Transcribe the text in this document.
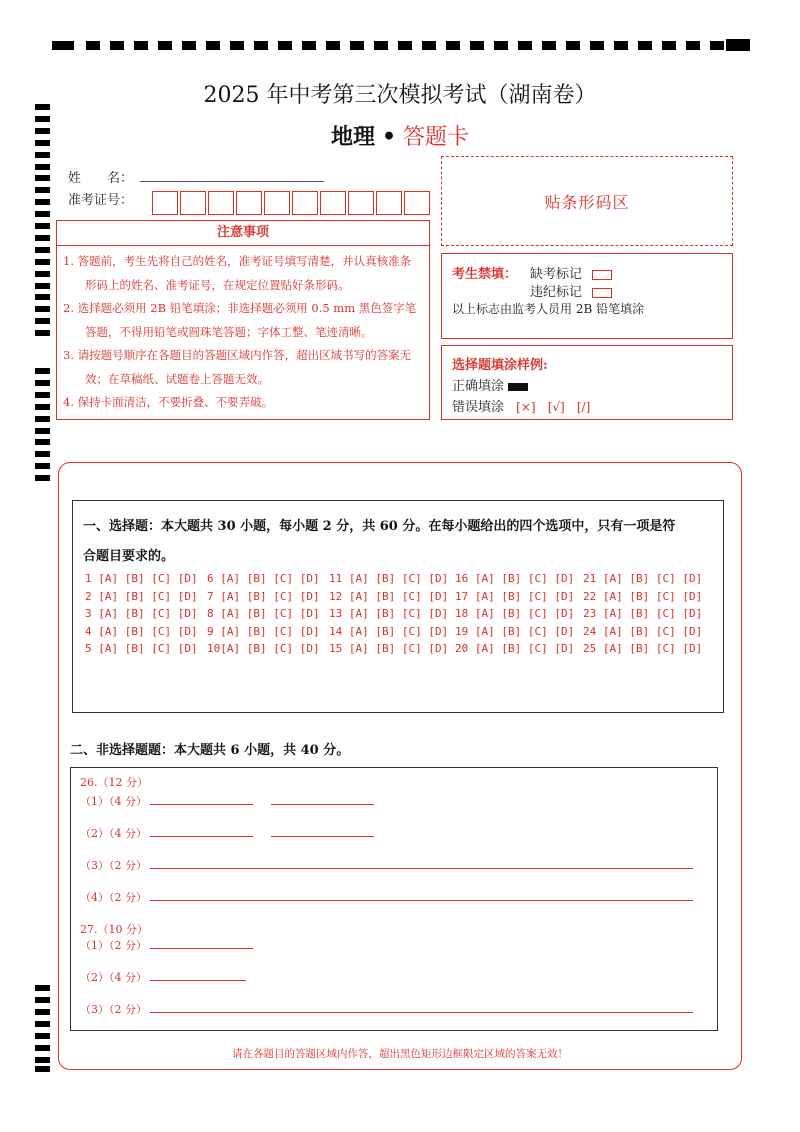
2025 年中考第三次模拟考试（湖南卷）
地理 • 答题卡
姓　　名：
准考证号：	贴条形码区
注意事项
1. 答题前，考生先将自己的姓名，准考证号填写清楚，并认真核准条形码上的姓名、准考证号，在规定位置贴好条形码。
2. 选择题必须用 2B 铅笔填涂；非选择题必须用 0.5 mm 黑色签字笔答题，不得用铅笔或圆珠笔答题；字体工整、笔迹清晰。
3. 请按题号顺序在各题目的答题区域内作答，超出区域书写的答案无效；在草稿纸、试题卷上答题无效。
4. 保持卡面清洁，不要折叠、不要弄破。
考生禁填： 缺考标记
违纪标记
以上标志由监考人员用 2B 铅笔填涂
选择题填涂样例:
正确填涂
错误填涂 [×] [√] [/]
一、选择题：本大题共 30 小题，每小题 2 分，共 60 分。在每小题给出的四个选项中，只有一项是符
合题目要求的。
1 [A] [B] [C] [D]
2 [A] [B] [C] [D]
3 [A] [B] [C] [D]
4 [A] [B] [C] [D]
5 [A] [B] [C] [D]
6 [A] [B] [C] [D]
7 [A] [B] [C] [D]
8 [A] [B] [C] [D]
9 [A] [B] [C] [D]
10[A] [B] [C] [D]
11 [A] [B] [C] [D]
12 [A] [B] [C] [D]
13 [A] [B] [C] [D]
14 [A] [B] [C] [D]
15 [A] [B] [C] [D]
16 [A] [B] [C] [D]
17 [A] [B] [C] [D]
18 [A] [B] [C] [D]
19 [A] [B] [C] [D]
20 [A] [B] [C] [D]
21 [A] [B] [C] [D]
22 [A] [B] [C] [D]
23 [A] [B] [C] [D]
24 [A] [B] [C] [D]
25 [A] [B] [C] [D]
二、非选择题题：本大题共 6 小题，共 40 分。
26.（12 分）
（1）（4 分）
（2）（4 分）
（3）（2 分）
（4）（2 分）
27.（10 分）
（1）（2 分）
（2）（4 分）
（3）（2 分）
请在各题目的答题区域内作答，超出黑色矩形边框限定区域的答案无效！
